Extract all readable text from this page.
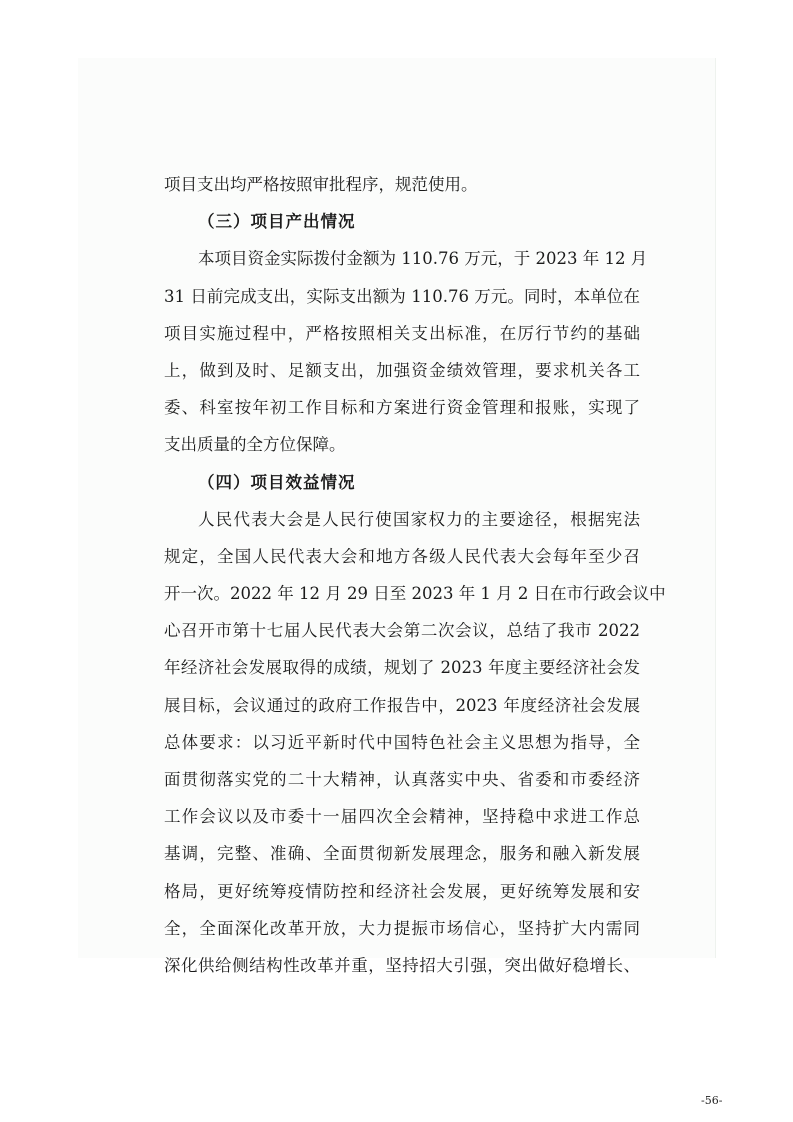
项目支出均严格按照审批程序，规范使用。
（三）项目产出情况
本项目资金实际拨付金额为 110.76 万元，于 2023 年 12 月
31 日前完成支出，实际支出额为 110.76 万元。同时，本单位在
项目实施过程中，严格按照相关支出标准，在厉行节约的基础
上，做到及时、足额支出，加强资金绩效管理，要求机关各工
委、科室按年初工作目标和方案进行资金管理和报账，实现了
支出质量的全方位保障。
（四）项目效益情况
人民代表大会是人民行使国家权力的主要途径，根据宪法
规定，全国人民代表大会和地方各级人民代表大会每年至少召
开一次。2022 年 12 月 29 日至 2023 年 1 月 2 日在市行政会议中
心召开市第十七届人民代表大会第二次会议，总结了我市 2022
年经济社会发展取得的成绩，规划了 2023 年度主要经济社会发
展目标，会议通过的政府工作报告中，2023 年度经济社会发展
总体要求：以习近平新时代中国特色社会主义思想为指导，全
面贯彻落实党的二十大精神，认真落实中央、省委和市委经济
工作会议以及市委十一届四次全会精神，坚持稳中求进工作总
基调，完整、准确、全面贯彻新发展理念，服务和融入新发展
格局，更好统筹疫情防控和经济社会发展，更好统筹发展和安
全，全面深化改革开放，大力提振市场信心，坚持扩大内需同
深化供给侧结构性改革并重，坚持招大引强，突出做好稳增长、
-56-
